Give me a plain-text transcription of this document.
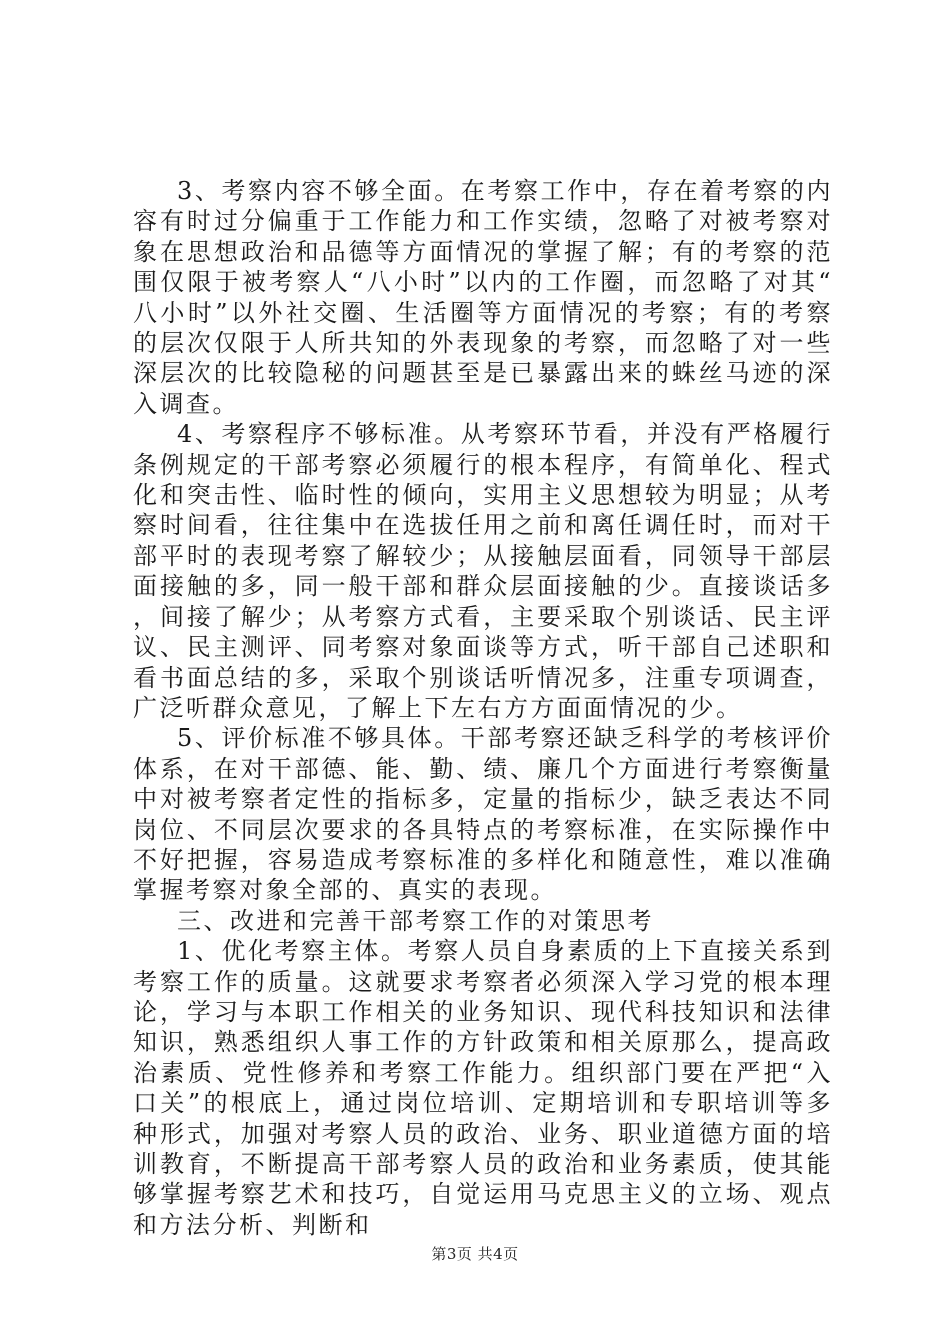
3、考察内容不够全面。在考察工作中，存在着考察的内容有时过分偏重于工作能力和工作实绩，忽略了对被考察对象在思想政治和品德等方面情况的掌握了解；有的考察的范围仅限于被考察人“八小时”以内的工作圈，而忽略了对其“八小时”以外社交圈、生活圈等方面情况的考察；有的考察的层次仅限于人所共知的外表现象的考察，而忽略了对一些深层次的比较隐秘的问题甚至是已暴露出来的蛛丝马迹的深入调查。

4、考察程序不够标准。从考察环节看，并没有严格履行条例规定的干部考察必须履行的根本程序，有简单化、程式化和突击性、临时性的倾向，实用主义思想较为明显；从考察时间看，往往集中在选拔任用之前和离任调任时，而对干部平时的表现考察了解较少；从接触层面看，同领导干部层面接触的多，同一般干部和群众层面接触的少。直接谈话多，间接了解少；从考察方式看，主要采取个别谈话、民主评议、民主测评、同考察对象面谈等方式，听干部自己述职和看书面总结的多，采取个别谈话听情况多，注重专项调查，广泛听群众意见，了解上下左右方方面面情况的少。

5、评价标准不够具体。干部考察还缺乏科学的考核评价体系，在对干部德、能、勤、绩、廉几个方面进行考察衡量中对被考察者定性的指标多，定量的指标少，缺乏表达不同岗位、不同层次要求的各具特点的考察标准，在实际操作中不好把握，容易造成考察标准的多样化和随意性，难以准确掌握考察对象全部的、真实的表现。

三、改进和完善干部考察工作的对策思考

1、优化考察主体。考察人员自身素质的上下直接关系到考察工作的质量。这就要求考察者必须深入学习党的根本理论，学习与本职工作相关的业务知识、现代科技知识和法律知识，熟悉组织人事工作的方针政策和相关原那么，提高政治素质、党性修养和考察工作能力。组织部门要在严把“入口关”的根底上，通过岗位培训、定期培训和专职培训等多种形式，加强对考察人员的政治、业务、职业道德方面的培训教育，不断提高干部考察人员的政治和业务素质，使其能够掌握考察艺术和技巧，自觉运用马克思主义的立场、观点和方法分析、判断和

第3页 共4页
